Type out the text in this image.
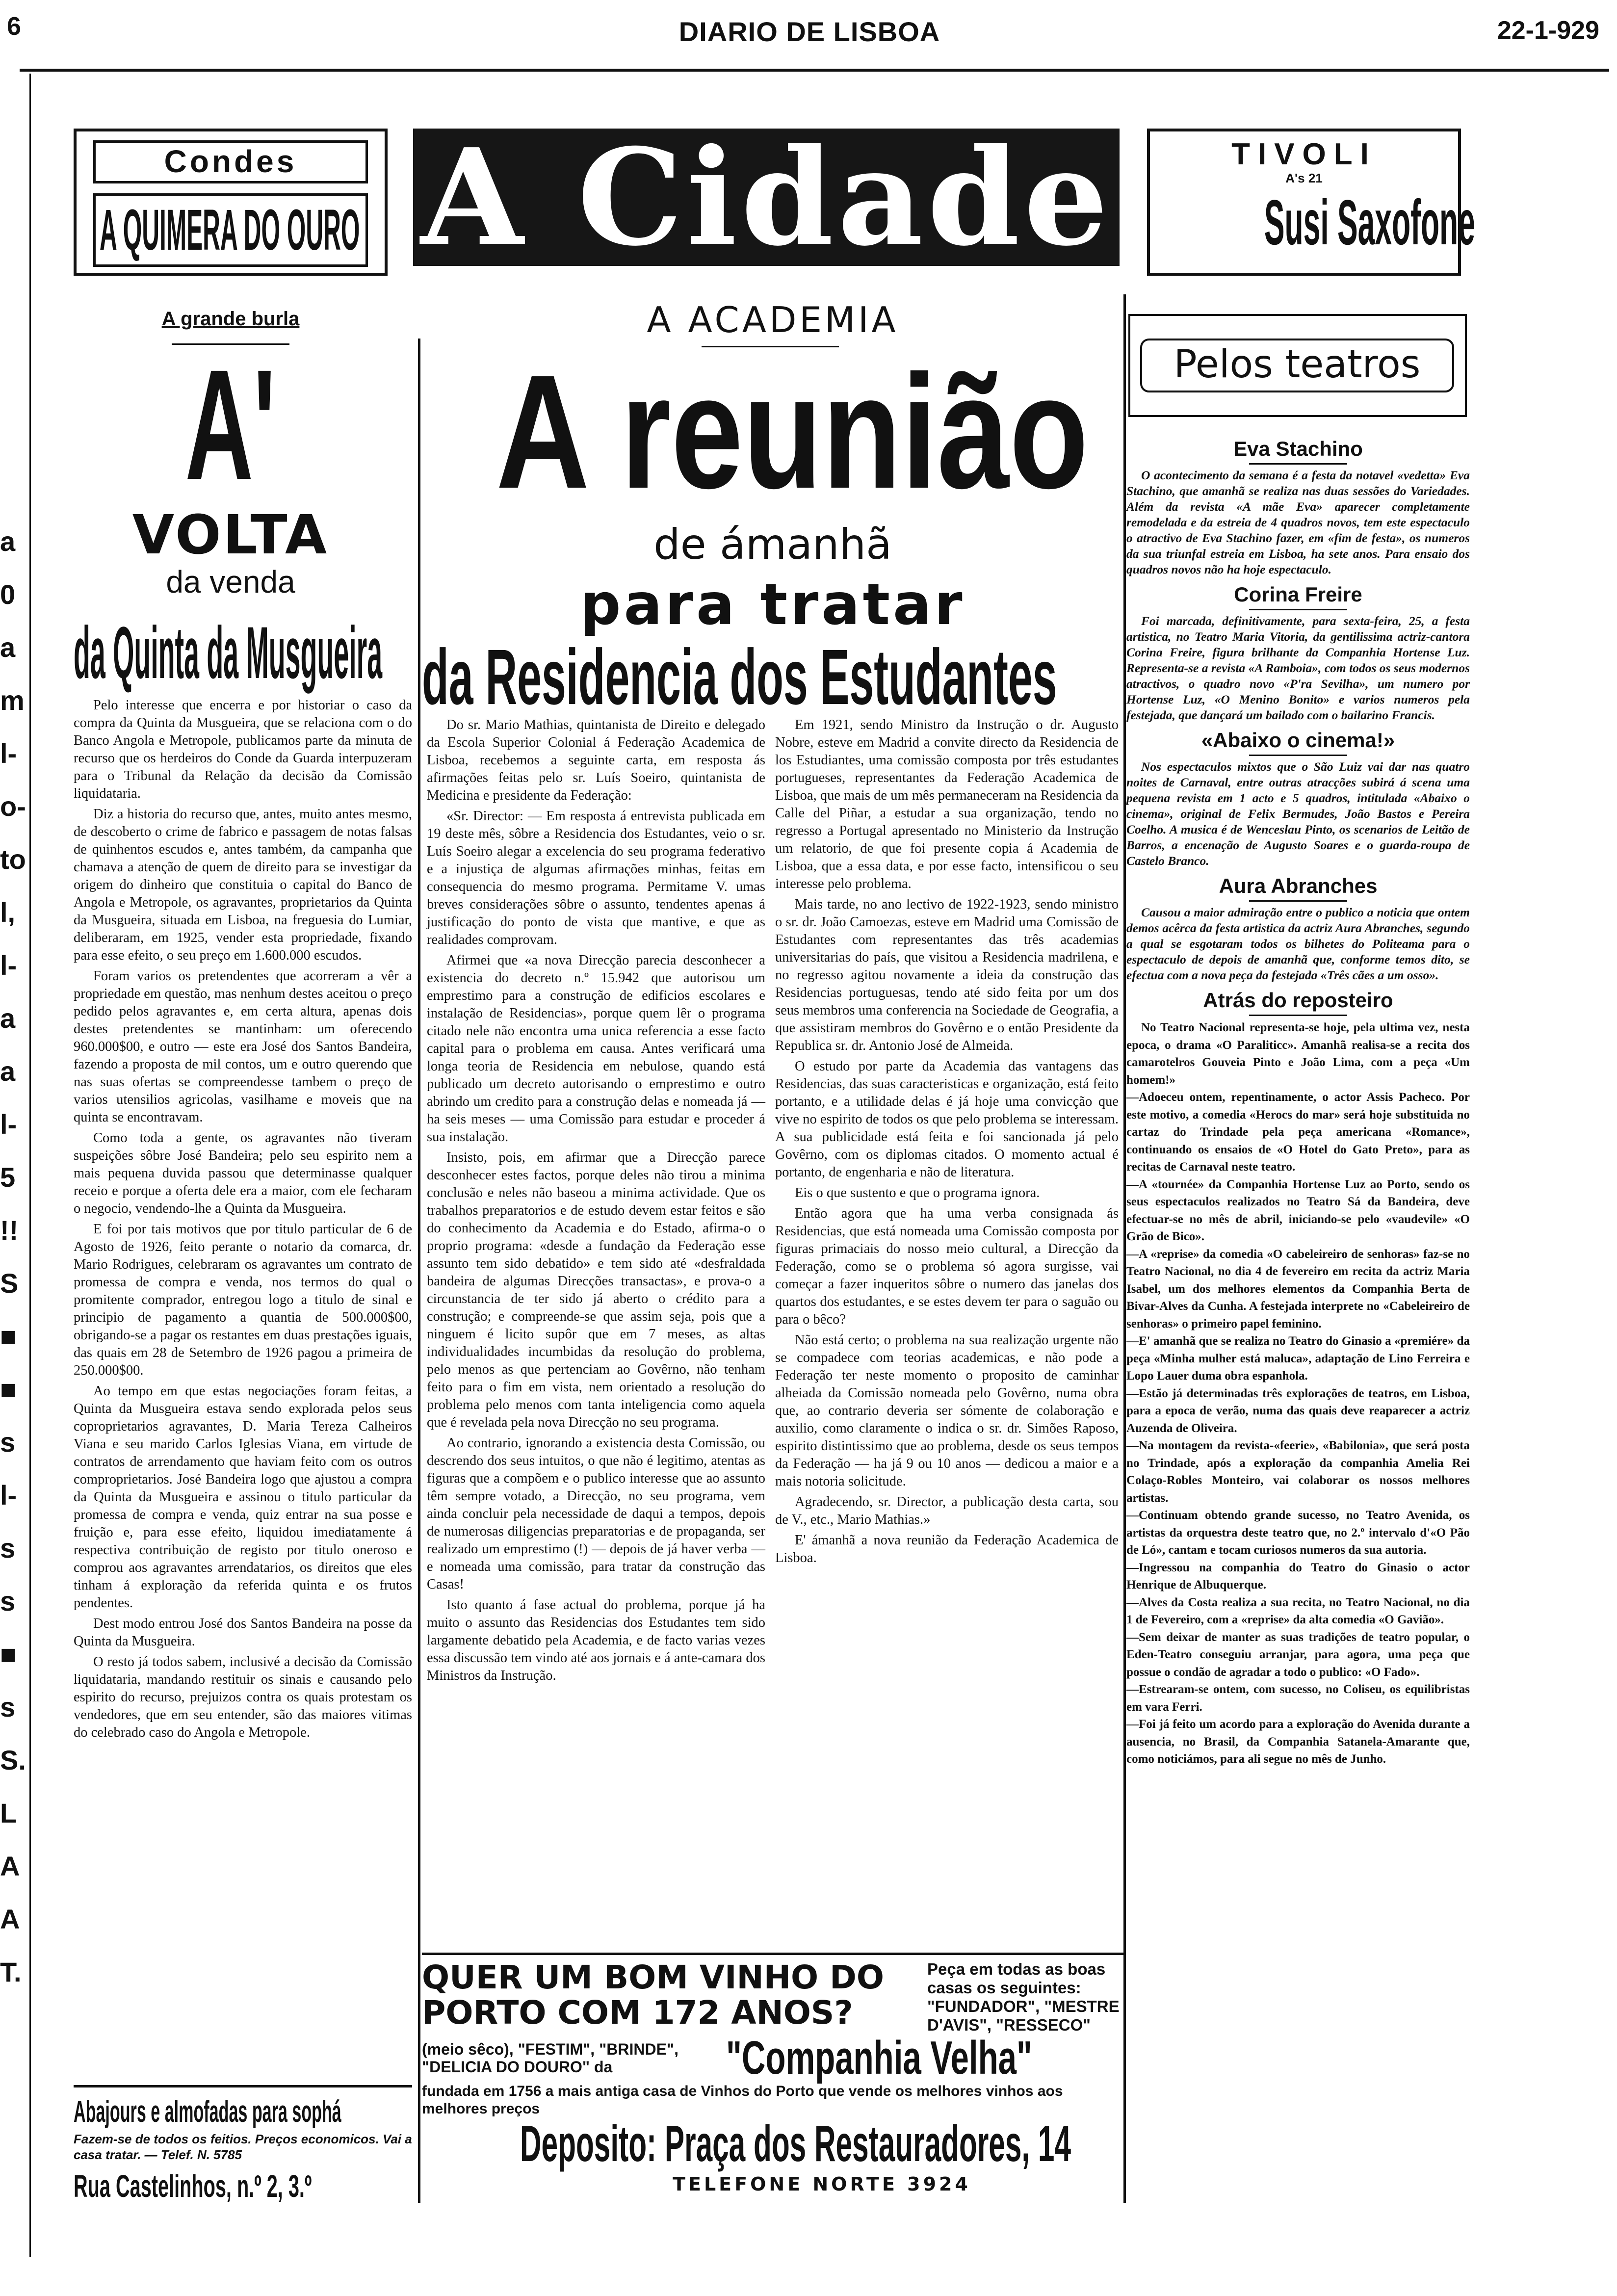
6	DIARIO DE LISBOA	22-1-929
a
0
a
m
l-
o-
to
l,
l-
a
a
l-
5
!!
S
■
■
s
l-
s
s
■
s
S.
L
A
A
T.
Condes
A QUIMERA DO OURO A Cidade	TIVOLI
A's 21
Susi Saxofone
A grande burla
A'
VOLTA
da venda
da Quinta da Musgueira

Pelo interesse que encerra e por historiar o caso da compra da Quinta da Musgueira, que se relaciona com o do Banco Angola e Metropole, publicamos parte da minuta de recurso que os herdeiros do Conde da Guarda interpuzeram para o Tribunal da Relação da decisão da Comissão liquidataria.

Diz a historia do recurso que, antes, muito antes mesmo, de descoberto o crime de fabrico e passagem de notas falsas de quinhentos escudos e, antes também, da campanha que chamava a atenção de quem de direito para se investigar da origem do dinheiro que constituia o capital do Banco de Angola e Metropole, os agravantes, proprietarios da Quinta da Musgueira, situada em Lisboa, na freguesia do Lumiar, deliberaram, em 1925, vender esta propriedade, fixando para esse efeito, o seu preço em 1.600.000 escudos.

Foram varios os pretendentes que acorreram a vêr a propriedade em questão, mas nenhum destes aceitou o preço pedido pelos agravantes e, em certa altura, apenas dois destes pretendentes se mantinham: um oferecendo 960.000$00, e outro — este era José dos Santos Bandeira, fazendo a proposta de mil contos, um e outro querendo que nas suas ofertas se compreendesse tambem o preço de varios utensilios agricolas, vasilhame e moveis que na quinta se encontravam.

Como toda a gente, os agravantes não tiveram suspeições sôbre José Bandeira; pelo seu espirito nem a mais pequena duvida passou que determinasse qualquer receio e porque a oferta dele era a maior, com ele fecharam o negocio, vendendo-lhe a Quinta da Musgueira.

E foi por tais motivos que por titulo particular de 6 de Agosto de 1926, feito perante o notario da comarca, dr. Mario Rodrigues, celebraram os agravantes um contrato de promessa de compra e venda, nos termos do qual o promitente comprador, entregou logo a titulo de sinal e principio de pagamento a quantia de 500.000$00, obrigando-se a pagar os restantes em duas prestações iguais, das quais em 28 de Setembro de 1926 pagou a primeira de 250.000$00.

Ao tempo em que estas negociações foram feitas, a Quinta da Musgueira estava sendo explorada pelos seus coproprietarios agravantes, D. Maria Tereza Calheiros Viana e seu marido Carlos Iglesias Viana, em virtude de contratos de arrendamento que haviam feito com os outros comproprietarios. José Bandeira logo que ajustou a compra da Quinta da Musgueira e assinou o titulo particular da promessa de compra e venda, quiz entrar na sua posse e fruição e, para esse efeito, liquidou imediatamente á respectiva contribuição de registo por titulo oneroso e comprou aos agravantes arrendatarios, os direitos que eles tinham á exploração da referida quinta e os frutos pendentes.

Dest modo entrou José dos Santos Bandeira na posse da Quinta da Musgueira.

O resto já todos sabem, inclusivé a decisão da Comissão liquidataria, mandando restituir os sinais e causando pelo espirito do recurso, prejuizos contra os quais protestam os vendedores, que em seu entender, são das maiores vitimas do celebrado caso do Angola e Metropole.

Abajours e almofadas para sophá
Fazem-se de todos os feitios. Preços economicos. Vai a casa tratar. — Telef. N. 5785
Rua Castelinhos, n.º 2, 3.º
A ACADEMIA
A reunião
de ámanhã
para tratar
da Residencia dos Estudantes

Do sr. Mario Mathias, quintanista de Direito e delegado da Escola Superior Colonial á Federação Academica de Lisboa, recebemos a seguinte carta, em resposta ás afirmações feitas pelo sr. Luís Soeiro, quintanista de Medicina e presidente da Federação:

«Sr. Director: — Em resposta á entrevista publicada em 19 deste mês, sôbre a Residencia dos Estudantes, veio o sr. Luís Soeiro alegar a excelencia do seu programa federativo e a injustiça de algumas afirmações minhas, feitas em consequencia do mesmo programa. Permitame V. umas breves considerações sôbre o assunto, tendentes apenas á justificação do ponto de vista que mantive, e que as realidades comprovam.

Afirmei que «a nova Direcção parecia desconhecer a existencia do decreto n.º 15.942 que autorisou um emprestimo para a construção de edificios escolares e instalação de Residencias», porque quem lêr o programa citado nele não encontra uma unica referencia a esse facto capital para o problema em causa. Antes verificará uma longa teoria de Residencia em nebulose, quando está publicado um decreto autorisando o emprestimo e outro abrindo um credito para a construção delas e nomeada já — ha seis meses — uma Comissão para estudar e proceder á sua instalação.

Insisto, pois, em afirmar que a Direcção parece desconhecer estes factos, porque deles não tirou a minima conclusão e neles não baseou a minima actividade. Que os trabalhos preparatorios e de estudo devem estar feitos e são do conhecimento da Academia e do Estado, afirma-o o proprio programa: «desde a fundação da Federação esse assunto tem sido debatido» e tem sido até «desfraldada bandeira de algumas Direcções transactas», e prova-o a circunstancia de ter sido já aberto o crédito para a construção; e compreende-se que assim seja, pois que a ninguem é licito supôr que em 7 meses, as altas individualidades incumbidas da resolução do problema, pelo menos as que pertenciam ao Govêrno, não tenham feito para o fim em vista, nem orientado a resolução do problema pelo menos com tanta inteligencia como aquela que é revelada pela nova Direcção no seu programa.

Ao contrario, ignorando a existencia desta Comissão, ou descrendo dos seus intuitos, o que não é legitimo, atentas as figuras que a compõem e o publico interesse que ao assunto têm sempre votado, a Direcção, no seu programa, vem ainda concluir pela necessidade de daqui a tempos, depois de numerosas diligencias preparatorias e de propaganda, ser realizado um emprestimo (!) — depois de já haver verba — e nomeada uma comissão, para tratar da construção das Casas!

Isto quanto á fase actual do problema, porque já ha muito o assunto das Residencias dos Estudantes tem sido largamente debatido pela Academia, e de facto varias vezes essa discussão tem vindo até aos jornais e á ante-camara dos Ministros da Instrução.

Em 1921, sendo Ministro da Instrução o dr. Augusto Nobre, esteve em Madrid a convite directo da Residencia de los Estudiantes, uma comissão composta por três estudantes portugueses, representantes da Federação Academica de Lisboa, que mais de um mês permaneceram na Residencia da Calle del Piñar, a estudar a sua organização, tendo no regresso a Portugal apresentado no Ministerio da Instrução um relatorio, de que foi presente copia á Academia de Lisboa, que a essa data, e por esse facto, intensificou o seu interesse pelo problema.

Mais tarde, no ano lectivo de 1922-1923, sendo ministro o sr. dr. João Camoezas, esteve em Madrid uma Comissão de Estudantes com representantes das três academias universitarias do país, que visitou a Residencia madrilena, e no regresso agitou novamente a ideia da construção das Residencias portuguesas, tendo até sido feita por um dos seus membros uma conferencia na Sociedade de Geografia, a que assistiram membros do Govêrno e o então Presidente da Republica sr. dr. Antonio José de Almeida.

O estudo por parte da Academia das vantagens das Residencias, das suas caracteristicas e organização, está feito portanto, e a utilidade delas é já hoje uma convicção que vive no espirito de todos os que pelo problema se interessam. A sua publicidade está feita e foi sancionada já pelo Govêrno, com os diplomas citados. O momento actual é portanto, de engenharia e não de literatura.

Eis o que sustento e que o programa ignora.

Então agora que ha uma verba consignada ás Residencias, que está nomeada uma Comissão composta por figuras primaciais do nosso meio cultural, a Direcção da Federação, como se o problema só agora surgisse, vai começar a fazer inqueritos sôbre o numero das janelas dos quartos dos estudantes, e se estes devem ter para o saguão ou para o bêco?

Não está certo; o problema na sua realização urgente não se compadece com teorias academicas, e não pode a Federação ter neste momento o proposito de caminhar alheiada da Comissão nomeada pelo Govêrno, numa obra que, ao contrario deveria ser sómente de colaboração e auxilio, como claramente o indica o sr. dr. Simões Raposo, espirito distintissimo que ao problema, desde os seus tempos da Federação — ha já 9 ou 10 anos — dedicou a maior e a mais notoria solicitude.

Agradecendo, sr. Director, a publicação desta carta, sou de V., etc., Mario Mathias.»

E' ámanhã a nova reunião da Federação Academica de Lisboa.

QUER UM BOM VINHO DO PORTO COM 172 ANOS?
Peça em todas as boas casas os seguintes: "FUNDADOR", "MESTRE D'AVIS", "RESSECO"
(meio sêco), "FESTIM", "BRINDE", "DELICIA DO DOURO" da	"Companhia Velha"
fundada em 1756 a mais antiga casa de Vinhos do Porto que vende os melhores vinhos aos melhores preços
Deposito: Praça dos Restauradores, 14
TELEFONE NORTE 3924
Pelos teatros
Eva Stachino
O acontecimento da semana é a festa da notavel «vedetta» Eva Stachino, que amanhã se realiza nas duas sessões do Variedades. Além da revista «A mãe Eva» aparecer completamente remodelada e da estreia de 4 quadros novos, tem este espectaculo o atractivo de Eva Stachino fazer, em «fim de festa», os numeros da sua triunfal estreia em Lisboa, ha sete anos. Para ensaio dos quadros novos não ha hoje espectaculo.
Corina Freire
Foi marcada, definitivamente, para sexta-feira, 25, a festa artistica, no Teatro Maria Vitoria, da gentilissima actriz-cantora Corina Freire, figura brilhante da Companhia Hortense Luz. Representa-se a revista «A Ramboia», com todos os seus modernos atractivos, o quadro novo «P'ra Sevilha», um numero por Hortense Luz, «O Menino Bonito» e varios numeros pela festejada, que dançará um bailado com o bailarino Francis.
«Abaixo o cinema!»
Nos espectaculos mixtos que o São Luiz vai dar nas quatro noites de Carnaval, entre outras atracções subirá á scena uma pequena revista em 1 acto e 5 quadros, intitulada «Abaixo o cinema», original de Felix Bermudes, João Bastos e Pereira Coelho. A musica é de Wenceslau Pinto, os scenarios de Leitão de Barros, a encenação de Augusto Soares e o guarda-roupa de Castelo Branco.
Aura Abranches
Causou a maior admiração entre o publico a noticia que ontem demos acêrca da festa artistica da actriz Aura Abranches, segundo a qual se esgotaram todos os bilhetes do Politeama para o espectaculo de depois de amanhã que, conforme temos dito, se efectua com a nova peça da festejada «Três cães a um osso».
Atrás do reposteiro
No Teatro Nacional representa-se hoje, pela ultima vez, nesta epoca, o drama «O Paraliticc». Amanhã realisa-se a recita dos camarotelros Gouveia Pinto e João Lima, com a peça «Um homem!»
—Adoeceu ontem, repentinamente, o actor Assis Pacheco. Por este motivo, a comedia «Herocs do mar» será hoje substituida no cartaz do Trindade pela peça americana «Romance», continuando os ensaios de «O Hotel do Gato Preto», para as recitas de Carnaval neste teatro.
—A «tournée» da Companhia Hortense Luz ao Porto, sendo os seus espectaculos realizados no Teatro Sá da Bandeira, deve efectuar-se no mês de abril, iniciando-se pelo «vaudevile» «O Grão de Bico».
—A «reprise» da comedia «O cabeleireiro de senhoras» faz-se no Teatro Nacional, no dia 4 de fevereiro em recita da actriz Maria Isabel, um dos melhores elementos da Companhia Berta de Bivar-Alves da Cunha. A festejada interprete no «Cabeleireiro de senhoras» o primeiro papel feminino.
—E' amanhã que se realiza no Teatro do Ginasio a «premiére» da peça «Minha mulher está maluca», adaptação de Lino Ferreira e Lopo Lauer duma obra espanhola.
—Estão já determinadas três explorações de teatros, em Lisboa, para a epoca de verão, numa das quais deve reaparecer a actriz Auzenda de Oliveira.
—Na montagem da revista-«feerie», «Babilonia», que será posta no Trindade, após a exploração da companhia Amelia Rei Colaço-Robles Monteiro, vai colaborar os nossos melhores artistas.
—Continuam obtendo grande sucesso, no Teatro Avenida, os artistas da orquestra deste teatro que, no 2.º intervalo d'«O Pão de Ló», cantam e tocam curiosos numeros da sua autoria.
—Ingressou na companhia do Teatro do Ginasio o actor Henrique de Albuquerque.
—Alves da Costa realiza a sua recita, no Teatro Nacional, no dia 1 de Fevereiro, com a «reprise» da alta comedia «O Gavião».
—Sem deixar de manter as suas tradições de teatro popular, o Eden-Teatro conseguiu arranjar, para agora, uma peça que possue o condão de agradar a todo o publico: «O Fado».
—Estrearam-se ontem, com sucesso, no Coliseu, os equilibristas em vara Ferri.
—Foi já feito um acordo para a exploração do Avenida durante a ausencia, no Brasil, da Companhia Satanela-Amarante que, como noticiámos, para ali segue no mês de Junho.
